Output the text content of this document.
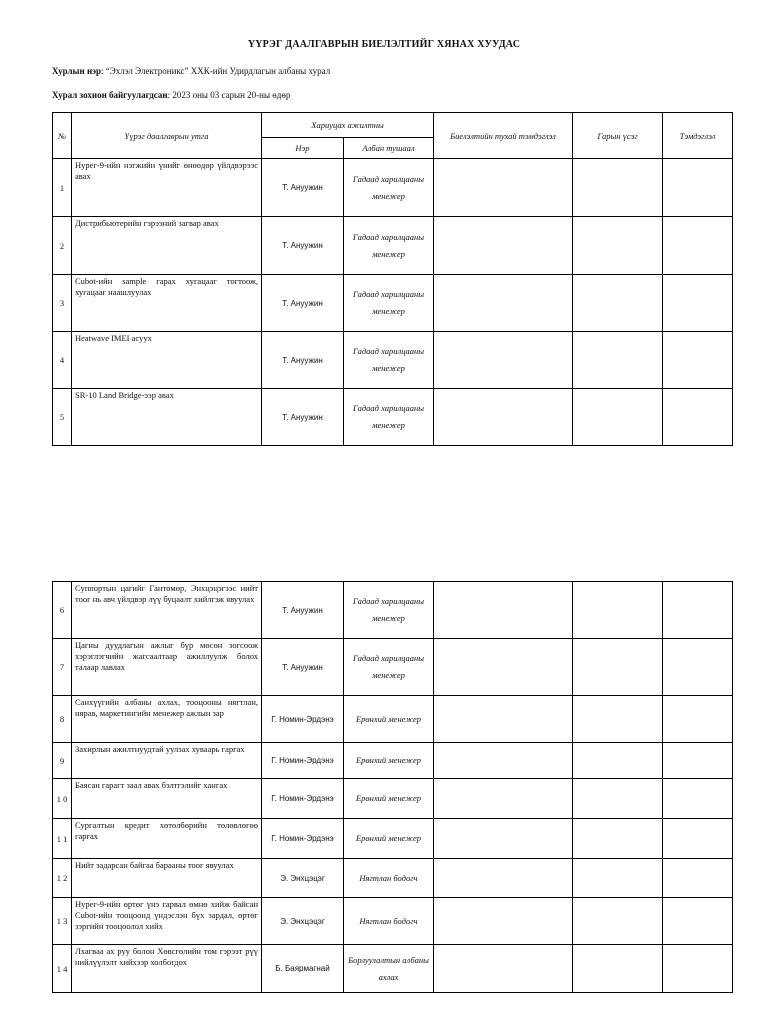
ҮҮРЭГ ДААЛГАВРЫН БИЕЛЭЛТИЙГ ХЯНАХ ХУУДАС
Хурлын нэр: “Эхлэл Электроникс” ХХК-ийн Удирдлагын албаны хурал
Хурал зохион байгуулагдсан: 2023 оны 03 сарын 20-ны өдөр
№	Үүрэг даалгаврын утга	Хариуцах ажилтны		Биелэлтийн тухай тэмдэглэл	Гарын үсэг	Тэмдэглэл
		Нэр	Албан тушаал			
1	Нурег-9-ийн нэгжийн үнийг өнөөдөр үйлдвэрээс авах	Т. Ануужин	Гадаад харилцааны менежер			
2	Дистрибьютерийн гэрээний загвар авах	Т. Ануужин	Гадаад харилцааны менежер			
3	Cubot-ийн sample гарах хугацааг тогтоож, хугацааг наашлуулах	Т. Ануужин	Гадаад харилцааны менежер			
4	Heatwave IMEI асуух	Т. Ануужин	Гадаад харилцааны менежер			
5	SR-10 Land Bridge-ээр авах	Т. Ануужин	Гадаад харилцааны менежер			
6	Суппортын цагийг Гантөмөр, Энхцэцэгээс нийт тоог нь авч үйлдвэр лүү буцаалт хийлгэж явуулах	Т. Ануужин	Гадаад харилцааны менежер			
7	Цагны дуудлагын ажлыг бүр мөсөн зогсоож хэрэглэгчийн жагсаалтаар ажиллуулж болох талаар лавлах	Т. Ануужин	Гадаад харилцааны менежер			
8	Санхүүгийн албаны ахлах, тооцооны нягтлан, нярав, маркетингийн менежер ажлын зар	Г. Номин-Эрдэнэ	Ерөнхий менежер			
9	Захирлын ажилтнуудтай уулзах хуваарь гаргах	Г. Номин-Эрдэнэ	Ерөнхий менежер			
1 0	Баясан гарагт заал авах бэлтгэлийг хангах	Г. Номин-Эрдэнэ	Ерөнхий менежер			
1 1	Сургалтын кредит хөтөлбөрийн төлөвлөгөө гаргах	Г. Номин-Эрдэнэ	Ерөнхий менежер			
1 2	Нийт задарсан байгаа барааны тоог явуулах	Э. Энхцэцэг	Нягтлан бодогч			
1 3	Нурег-9-ийн өртөг үнэ гарвал өмнө хийж байсан Cubot-ийн тооцоонд үндэслэн бүх зардал, өртөг зэргийн тооцоолол хийх	Э. Энхцэцэг	Нягтлан бодогч			
1 4	Лхагваа ах руу болон Хөвсгөлийн том гэрээт рүү нийлүүлэлт хийхээр холбогдох	Б. Баярмагнай	Борлуулалтын албаны ахлах			
